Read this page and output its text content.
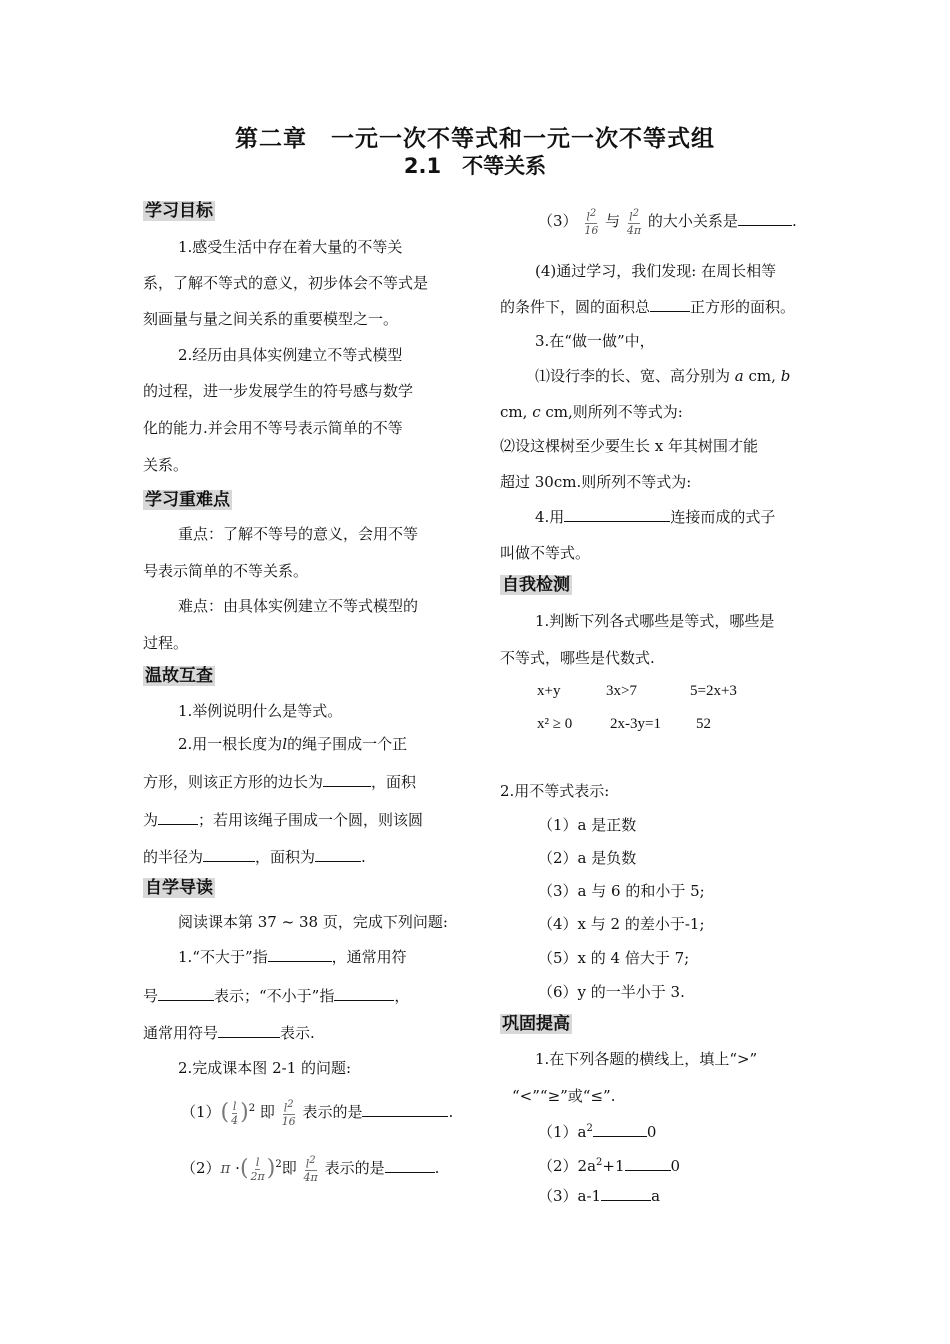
第二章　一元一次不等式和一元一次不等式组
2.1　不等关系
学习目标
1.感受生活中存在着大量的不等关
系，了解不等式的意义，初步体会不等式是
刻画量与量之间关系的重要模型之一。
2.经历由具体实例建立不等式模型
的过程，进一步发展学生的符号感与数学
化的能力.并会用不等号表示简单的不等
关系。
学习重难点
重点：了解不等号的意义，会用不等
号表示简单的不等关系。
难点：由具体实例建立不等式模型的
过程。
温故互查
1.举例说明什么是等式。
2.用一根长度为l的绳子围成一个正
方形，则该正方形的边长为	，面积
为	；若用该绳子围成一个圆，则该圆
的半径为	，面积为	.
自学导读
阅读课本第 37 ~ 38 页，完成下列问题:
1.“不大于”指	，通常用符
号	表示；“不小于”指	，
通常用符号	表示.
2.完成课本图 2-1 的问题:
$(1)( \frac{l}{4} )^2$ 即 $\frac{l^2}{16}$ 表示的是	.
（2）π ·( $\frac{l}{2\pi} )^2$即 $\frac{l^2}{4\pi}$ 表示的是	.
$(3) \frac{l^2}{16}$ 与 $\frac{l^2}{4\pi}$ 的大小关系是	.
(4)通过学习，我们发现: 在周长相等
的条件下，圆的面积总	正方形的面积。
3.在“做一做”中，
⑴设行李的长、宽、高分别为 a cm, b
cm, c cm,则所列不等式为:
⑵设这棵树至少要生长 x 年其树围才能
超过 30cm.则所列不等式为:
4.用	连接而成的式子
叫做不等式。
自我检测
1.判断下列各式哪些是等式，哪些是
不等式，哪些是代数式.
x+y	3x>7	5=2x+3
x² ≥ 0	2x-3y=1 52
2.用不等式表示:
（1）a 是正数
（2）a 是负数
（3）a 与 6 的和小于 5;
（4）x 与 2 的差小于-1;
（5）x 的 4 倍大于 7;
（6）y 的一半小于 3.
巩固提高
1.在下列各题的横线上，填上“>”
“<”“≥”或“≤”.
$(1)a^2$	0
$(2)2a^2+1$	0
（3）a-1	a
